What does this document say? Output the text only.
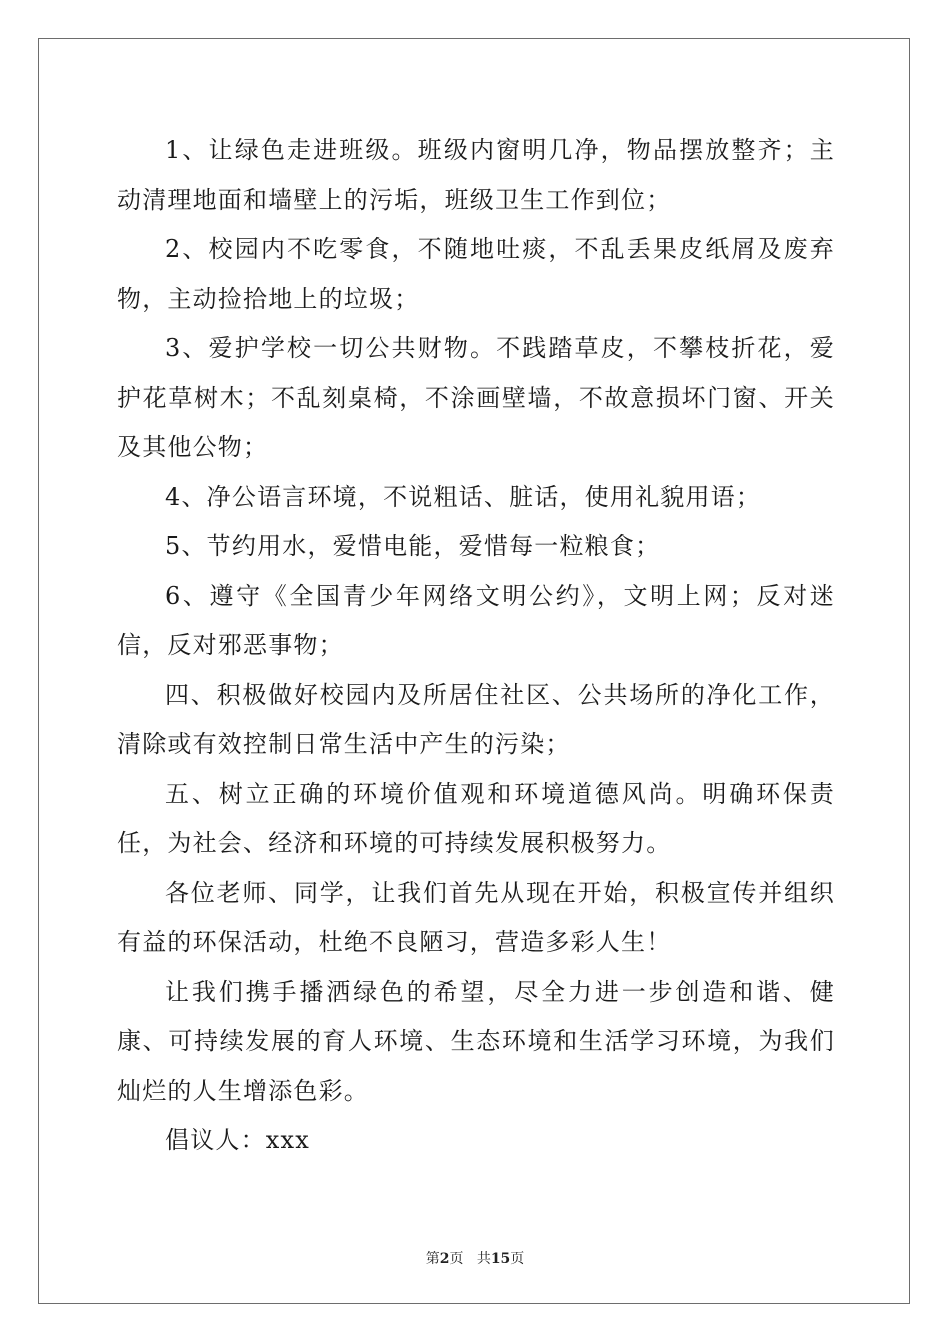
1、让绿色走进班级。班级内窗明几净，物品摆放整齐；主动清理地面和墙壁上的污垢，班级卫生工作到位；

2、校园内不吃零食，不随地吐痰，不乱丢果皮纸屑及废弃物，主动捡拾地上的垃圾；

3、爱护学校一切公共财物。不践踏草皮，不攀枝折花，爱护花草树木；不乱刻桌椅，不涂画壁墙，不故意损坏门窗、开关及其他公物；

4、净公语言环境，不说粗话、脏话，使用礼貌用语；

5、节约用水，爱惜电能，爱惜每一粒粮食；

6、遵守《全国青少年网络文明公约》，文明上网；反对迷信，反对邪恶事物；

四、积极做好校园内及所居住社区、公共场所的净化工作，清除或有效控制日常生活中产生的污染；

五、树立正确的环境价值观和环境道德风尚。明确环保责任，为社会、经济和环境的可持续发展积极努力。

各位老师、同学，让我们首先从现在开始，积极宣传并组织有益的环保活动，杜绝不良陋习，营造多彩人生！

让我们携手播洒绿色的希望，尽全力进一步创造和谐、健康、可持续发展的育人环境、生态环境和生活学习环境，为我们灿烂的人生增添色彩。

倡议人：xxx

第2页 共15页
